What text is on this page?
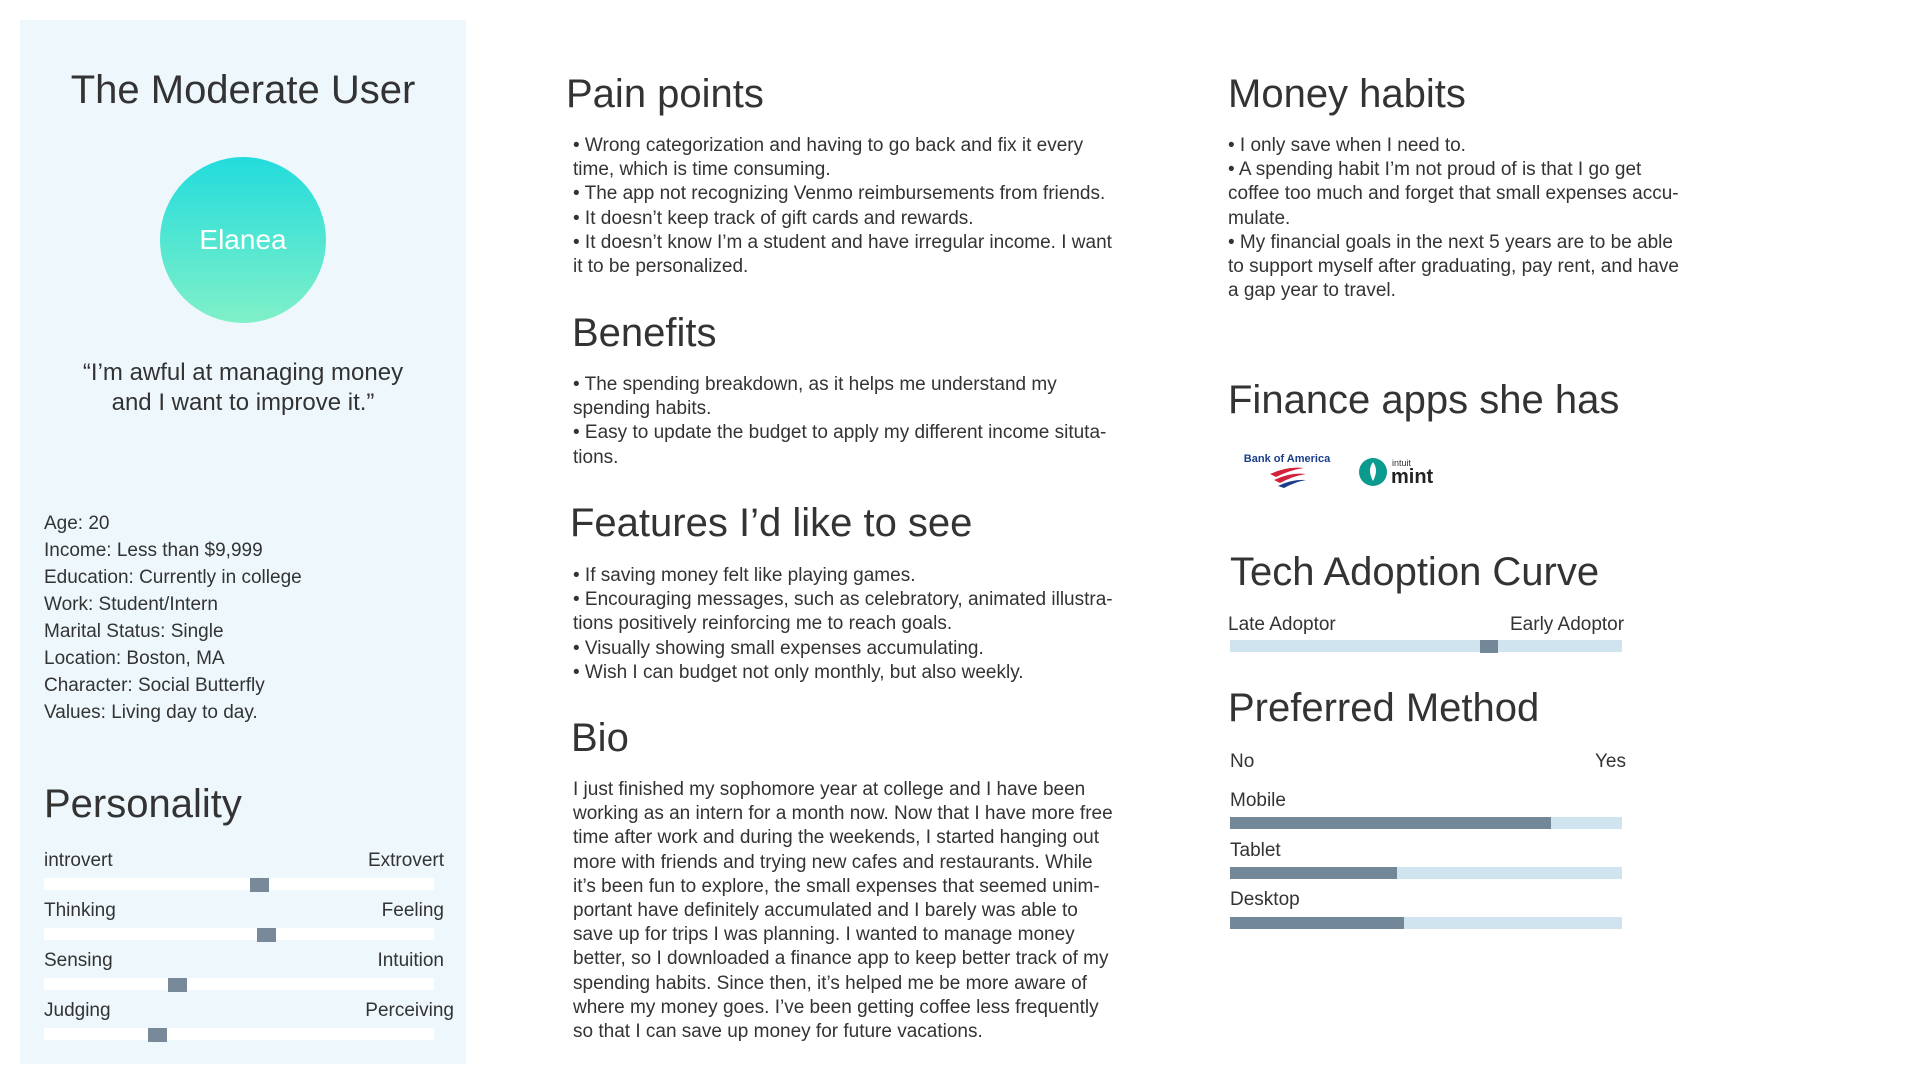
The Moderate User
Elanea
“I’m awful at managing money
and I want to improve it.”
Age: 20
Income: Less than $9,999
Education: Currently in college
Work: Student/Intern
Marital Status: Single
Location: Boston, MA
Character: Social Butterfly
Values: Living day to day.
Personality
introvert	Extrovert
Thinking	Feeling
Sensing	Intuition
Judging	Perceiving
Pain points

• Wrong categorization and having to go back and fix it every

time, which is time consuming.

• The app not recognizing Venmo reimbursements from friends.

• It doesn’t keep track of gift cards and rewards.

• It doesn’t know I’m a student and have irregular income. I want

it to be personalized.

Benefits

• The spending breakdown, as it helps me understand my

spending habits.

• Easy to update the budget to apply my different income situta-

tions.

Features I’d like to see

• If saving money felt like playing games.

• Encouraging messages, such as celebratory, animated illustra-

tions positively reinforcing me to reach goals.

• Visually showing small expenses accumulating.

• Wish I can budget not only monthly, but also weekly.

Bio

I just finished my sophomore year at college and I have been

working as an intern for a month now. Now that I have more free

time after work and during the weekends, I started hanging out

more with friends and trying new cafes and restaurants. While

it’s been fun to explore, the small expenses that seemed unim-

portant have definitely accumulated and I barely was able to

save up for trips I was planning. I wanted to manage money

better, so I downloaded a finance app to keep better track of my

spending habits. Since then, it’s helped me be more aware of

where my money goes. I’ve been getting coffee less frequently

so that I can save up money for future vacations.

Money habits

• I only save when I need to.

• A spending habit I’m not proud of is that I go get

coffee too much and forget that small expenses accu-

mulate.

• My financial goals in the next 5 years are to be able

to support myself after graduating, pay rent, and have

a gap year to travel.

Finance apps she has
Bank of America	intuit
mint
Tech Adoption Curve
Late Adoptor	Early Adoptor
Preferred Method
No	Yes
Mobile
Tablet
Desktop
